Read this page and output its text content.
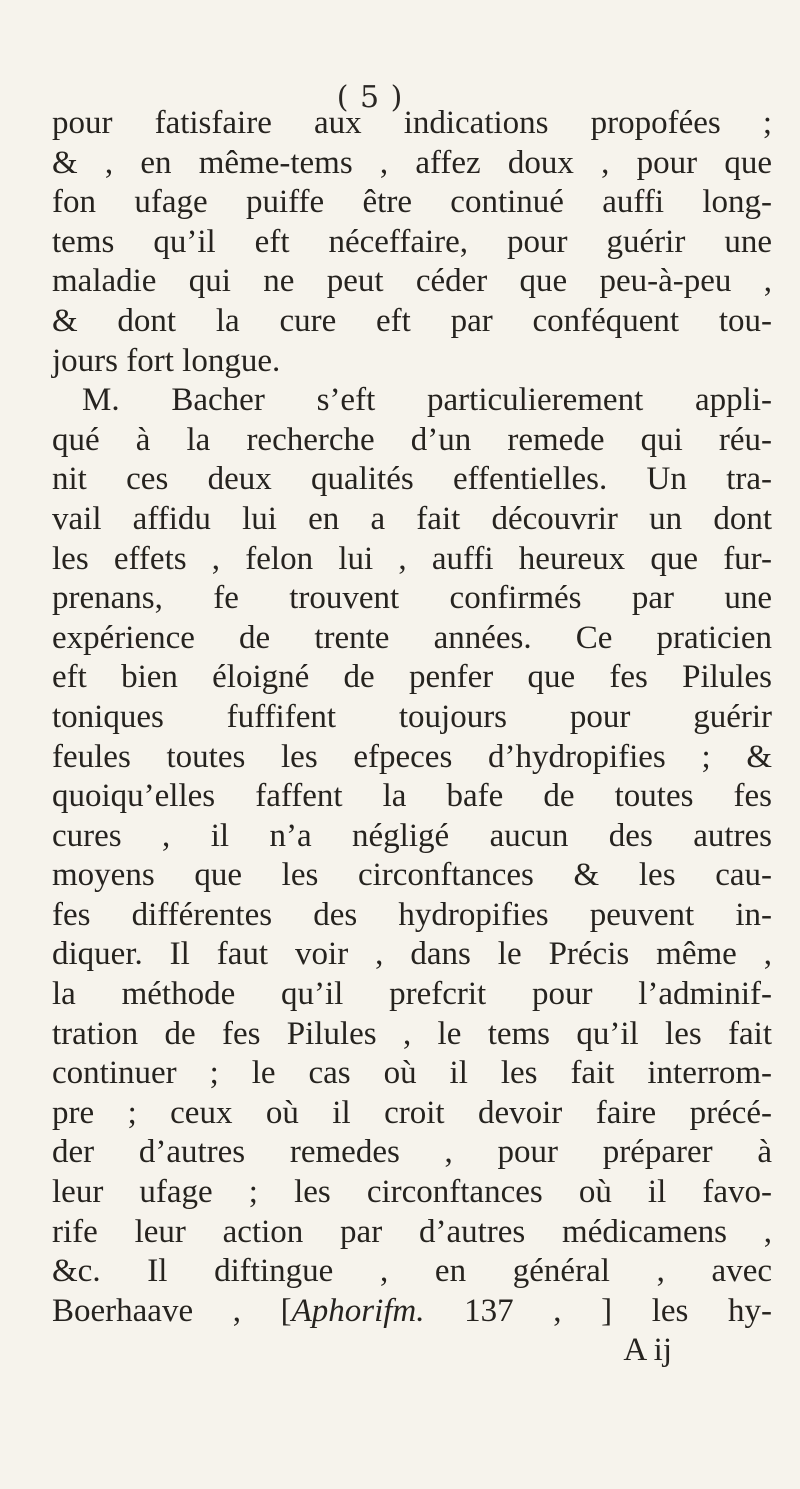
( 5 )
pour fatisfaire aux indications propofées ;
& , en même-tems , affez doux , pour que
fon ufage puiffe être continué auffi long-
tems qu’il eft néceffaire, pour guérir une
maladie qui ne peut céder que peu-à-peu ,
& dont la cure eft par conféquent tou-
jours fort longue.
M. Bacher s’eft particulierement appli-
qué à la recherche d’un remede qui réu-
nit ces deux qualités effentielles. Un tra-
vail affidu lui en a fait découvrir un dont
les effets , felon lui , auffi heureux que fur-
prenans, fe trouvent confirmés par une
expérience de trente années. Ce praticien
eft bien éloigné de penfer que fes Pilules
toniques fuffifent toujours pour guérir
feules toutes les efpeces d’hydropifies ; &
quoiqu’elles faffent la bafe de toutes fes
cures , il n’a négligé aucun des autres
moyens que les circonftances & les cau-
fes différentes des hydropifies peuvent in-
diquer. Il faut voir , dans le Précis même ,
la méthode qu’il prefcrit pour l’adminif-
tration de fes Pilules , le tems qu’il les fait
continuer ; le cas où il les fait interrom-
pre ; ceux où il croit devoir faire précé-
der d’autres remedes , pour préparer à
leur ufage ; les circonftances où il favo-
rife leur action par d’autres médicamens ,
&c. Il diftingue , en général , avec
Boerhaave , [Aphorifm. 137 , ] les hy-
A ij
